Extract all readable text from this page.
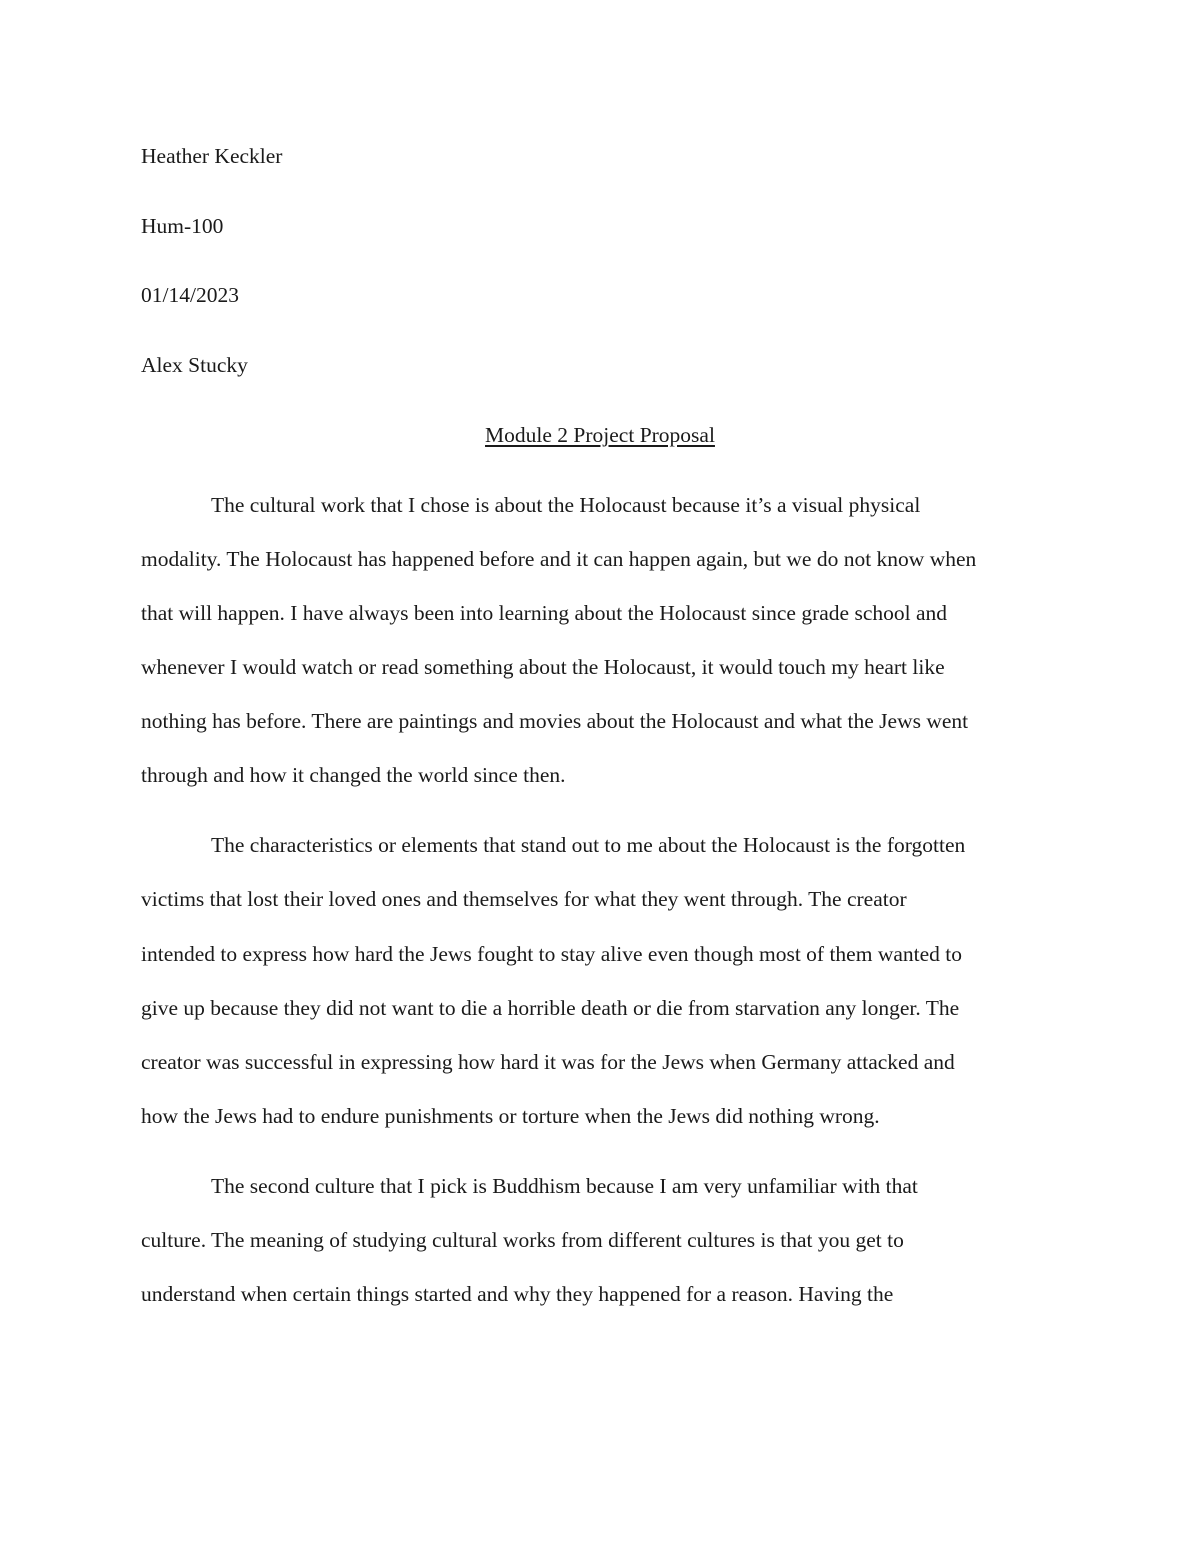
Heather Keckler
Hum-100
01/14/2023
Alex Stucky
Module 2 Project Proposal
The cultural work that I chose is about the Holocaust because it’s a visual physical
modality. The Holocaust has happened before and it can happen again, but we do not know when
that will happen. I have always been into learning about the Holocaust since grade school and
whenever I would watch or read something about the Holocaust, it would touch my heart like
nothing has before. There are paintings and movies about the Holocaust and what the Jews went
through and how it changed the world since then.
The characteristics or elements that stand out to me about the Holocaust is the forgotten
victims that lost their loved ones and themselves for what they went through. The creator
intended to express how hard the Jews fought to stay alive even though most of them wanted to
give up because they did not want to die a horrible death or die from starvation any longer. The
creator was successful in expressing how hard it was for the Jews when Germany attacked and
how the Jews had to endure punishments or torture when the Jews did nothing wrong.
The second culture that I pick is Buddhism because I am very unfamiliar with that
culture. The meaning of studying cultural works from different cultures is that you get to
understand when certain things started and why they happened for a reason. Having the
